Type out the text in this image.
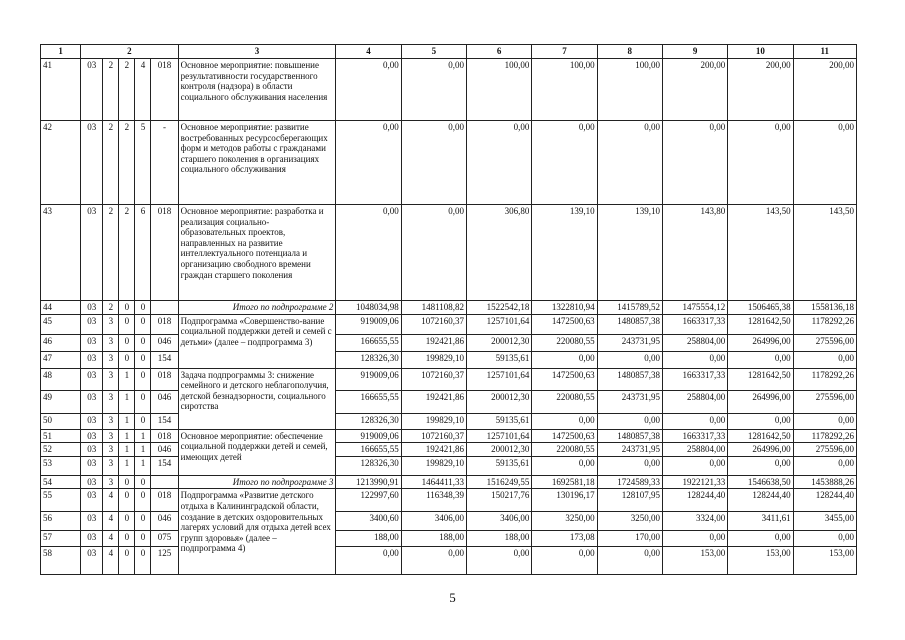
1	2					3	4	5	6	7	8	9	10	11
41	03	2	2	4	018	Основное мероприятие: повышение результативности государственного контроля (надзора) в области социального обслуживания населения	0,00	0,00	100,00	100,00	100,00	200,00	200,00	200,00
42	03	2	2	5	-	Основное мероприятие: развитие востребованных ресурсосберегающих форм и методов работы с гражданами старшего поколения в организациях социального обслуживания	0,00	0,00	0,00	0,00	0,00	0,00	0,00	0,00
43	03	2	2	6	018	Основное мероприятие: разработка и реализация социально-образовательных проектов, направленных на развитие интеллектуального потенциала и организацию свободного времени граждан старшего поколения	0,00	0,00	306,80	139,10	139,10	143,80	143,50	143,50
44	03	2	0	0		Итого по подпрограмме 2	1048034,98	1481108,82	1522542,18	1322810,94	1415789,52	1475554,12	1506465,38	1558136,18
45	03	3	0	0	018	Подпрограмма «Совершенство-вание социальной поддержки детей и семей с детьми» (далее – подпрограмма 3)	919009,06	1072160,37	1257101,64	1472500,63	1480857,38	1663317,33	1281642,50	1178292,26
46	03	3	0	0	046		166655,55	192421,86	200012,30	220080,55	243731,95	258804,00	264996,00	275596,00
47	03	3	0	0	154		128326,30	199829,10	59135,61	0,00	0,00	0,00	0,00	0,00
48	03	3	1	0	018	Задача подпрограммы 3: снижение семейного и детского неблагополучия, детской безнадзорности, социального сиротства	919009,06	1072160,37	1257101,64	1472500,63	1480857,38	1663317,33	1281642,50	1178292,26
49	03	3	1	0	046		166655,55	192421,86	200012,30	220080,55	243731,95	258804,00	264996,00	275596,00
50	03	3	1	0	154		128326,30	199829,10	59135,61	0,00	0,00	0,00	0,00	0,00
51	03	3	1	1	018	Основное мероприятие: обеспечение социальной поддержки детей и семей, имеющих детей	919009,06	1072160,37	1257101,64	1472500,63	1480857,38	1663317,33	1281642,50	1178292,26
52	03	3	1	1	046		166655,55	192421,86	200012,30	220080,55	243731,95	258804,00	264996,00	275596,00
53	03	3	1	1	154		128326,30	199829,10	59135,61	0,00	0,00	0,00	0,00	0,00
54	03	3	0	0		Итого по подпрограмме 3	1213990,91	1464411,33	1516249,55	1692581,18	1724589,33	1922121,33	1546638,50	1453888,26
55	03	4	0	0	018	Подпрограмма «Развитие детского отдыха в Калининградской области, создание в детских оздоровительных лагерях условий для отдыха детей всех групп здоровья» (далее – подпрограмма 4)	122997,60	116348,39	150217,76	130196,17	128107,95	128244,40	128244,40	128244,40
56	03	4	0	0	046		3400,60	3406,00	3406,00	3250,00	3250,00	3324,00	3411,61	3455,00
57	03	4	0	0	075		188,00	188,00	188,00	173,08	170,00	0,00	0,00	0,00
58	03	4	0	0	125		0,00	0,00	0,00	0,00	0,00	153,00	153,00	153,00
5
